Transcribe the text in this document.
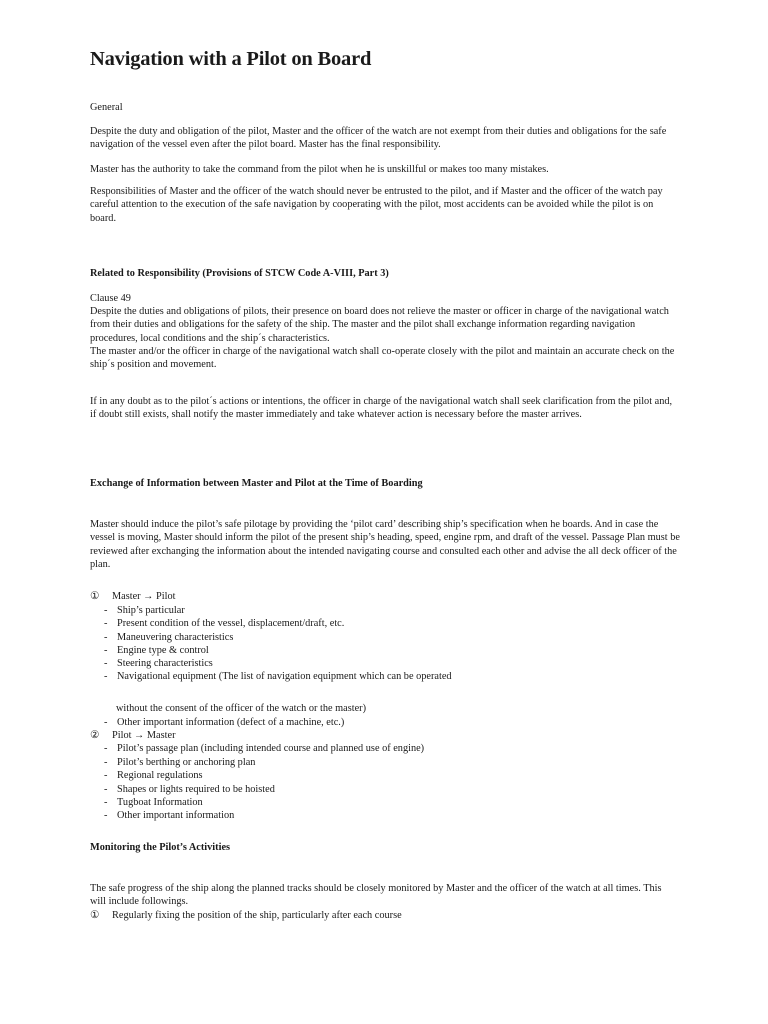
Navigation with a Pilot on Board
General
Despite the duty and obligation of the pilot, Master and the officer of the watch are not exempt from their duties and obligations for the safe navigation of the vessel even after the pilot board. Master has the final responsibility.
Master has the authority to take the command from the pilot when he is unskillful or makes too many mistakes.
Responsibilities of Master and the officer of the watch should never be entrusted to the pilot, and if Master and the officer of the watch pay careful attention to the execution of the safe navigation by cooperating with the pilot, most accidents can be avoided while the pilot is on board.
Related to Responsibility (Provisions of STCW Code A-VIII, Part 3)
Clause 49
Despite the duties and obligations of pilots, their presence on board does not relieve the master or officer in charge of the navigational watch from their duties and obligations for the safety of the ship. The master and the pilot shall exchange information regarding navigation procedures, local conditions and the ship´s characteristics.
The master and/or the officer in charge of the navigational watch shall co-operate closely with the pilot and maintain an accurate check on the ship´s position and movement.
If in any doubt as to the pilot´s actions or intentions, the officer in charge of the navigational watch shall seek clarification from the pilot and, if doubt still exists, shall notify the master immediately and take whatever action is necessary before the master arrives.
Exchange of Information between Master and Pilot at the Time of Boarding
Master should induce the pilot’s safe pilotage by providing the ‘pilot card’ describing ship’s specification when he boards. And in case the vessel is moving, Master should inform the pilot of the present ship’s heading, speed, engine rpm, and draft of the vessel. Passage Plan must be reviewed after exchanging the information about the intended navigating course and consulted each other and advise the all deck officer of the plan.
① Master → Pilot
- Ship’s particular
- Present condition of the vessel, displacement/draft, etc.
- Maneuvering characteristics
- Engine type & control
- Steering characteristics
- Navigational equipment (The list of navigation equipment which can be operated
without the consent of the officer of the watch or the master)
- Other important information (defect of a machine, etc.)
② Pilot → Master
- Pilot’s passage plan (including intended course and planned use of engine)
- Pilot’s berthing or anchoring plan
- Regional regulations
- Shapes or lights required to be hoisted
- Tugboat Information
- Other important information
Monitoring the Pilot’s Activities
The safe progress of the ship along the planned tracks should be closely monitored by Master and the officer of the watch at all times. This will include followings.
① Regularly fixing the position of the ship, particularly after each course
